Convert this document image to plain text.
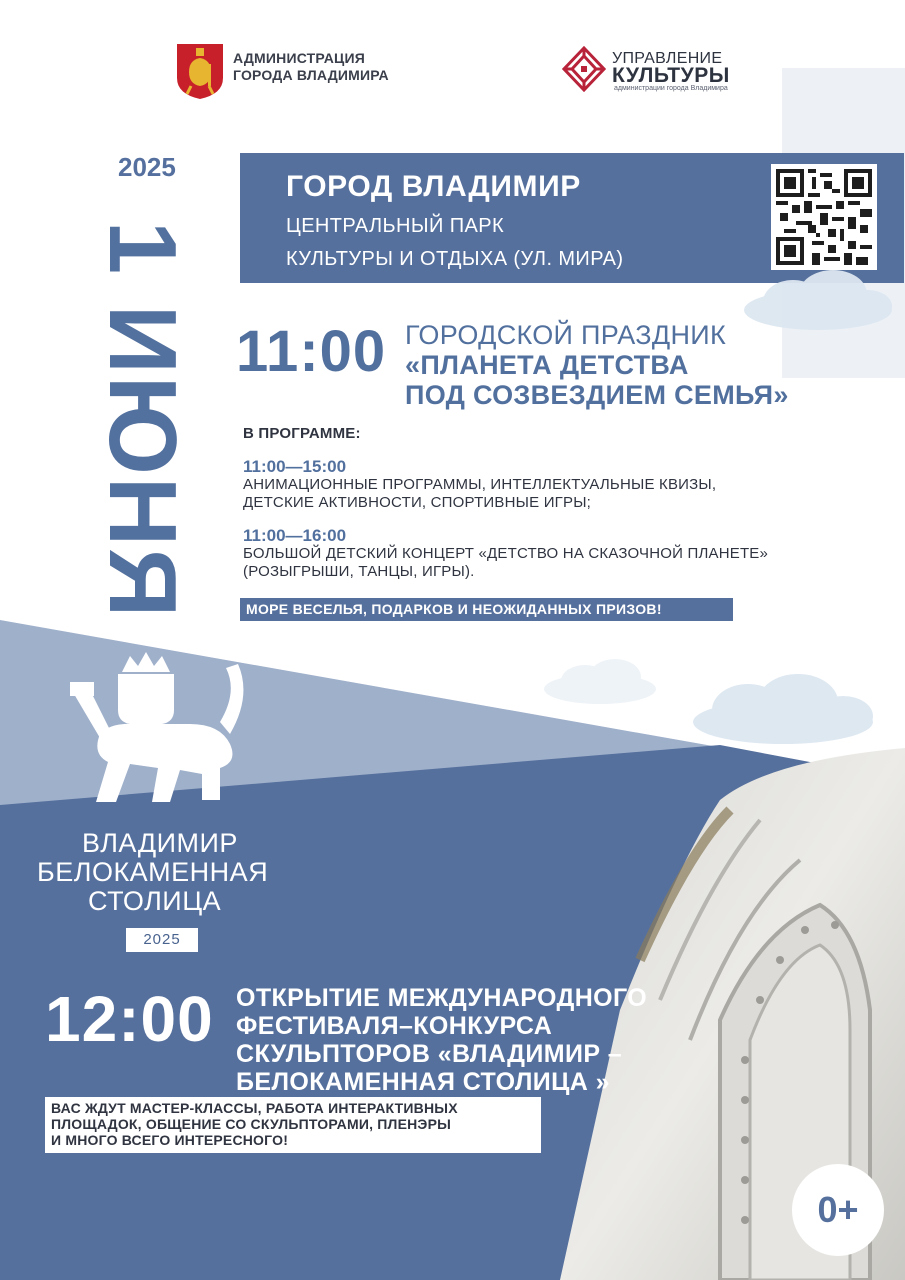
АДМИНИСТРАЦИЯ
ГОРОДА ВЛАДИМИРА
УПРАВЛЕНИЕ
КУЛЬТУРЫ
администрации города Владимира
2025
1 ИЮНЯ
ГОРОД ВЛАДИМИР
ЦЕНТРАЛЬНЫЙ ПАРК
КУЛЬТУРЫ И ОТДЫХА (УЛ. МИРА)
11:00 ГОРОДСКОЙ ПРАЗДНИК
«ПЛАНЕТА ДЕТСТВА
ПОД СОЗВЕЗДИЕМ СЕМЬЯ»
В ПРОГРАММЕ:
11:00—15:00
АНИМАЦИОННЫЕ ПРОГРАММЫ, ИНТЕЛЛЕКТУАЛЬНЫЕ КВИЗЫ,
ДЕТСКИЕ АКТИВНОСТИ, СПОРТИВНЫЕ ИГРЫ;
11:00—16:00
БОЛЬШОЙ ДЕТСКИЙ КОНЦЕРТ «ДЕТСТВО НА СКАЗОЧНОЙ ПЛАНЕТЕ»
(РОЗЫГРЫШИ, ТАНЦЫ, ИГРЫ).
МОРЕ ВЕСЕЛЬЯ, ПОДАРКОВ И НЕОЖИДАННЫХ ПРИЗОВ!
ВЛАДИМИР
БЕЛОКАМЕННАЯ
СТОЛИЦА
2025
12:00 ОТКРЫТИЕ МЕЖДУНАРОДНОГО
ФЕСТИВАЛЯ–КОНКУРСА
СКУЛЬПТОРОВ «ВЛАДИМИР –
БЕЛОКАМЕННАЯ СТОЛИЦА »
ВАС ЖДУТ МАСТЕР-КЛАССЫ, РАБОТА ИНТЕРАКТИВНЫХ
ПЛОЩАДОК, ОБЩЕНИЕ СО СКУЛЬПТОРАМИ, ПЛЕНЭРЫ
И МНОГО ВСЕГО ИНТЕРЕСНОГО!
0+
